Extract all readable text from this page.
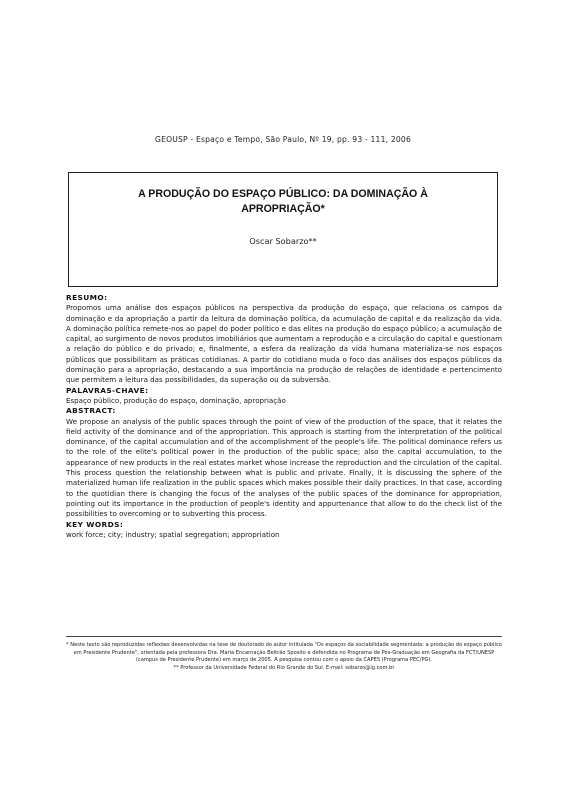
GEOUSP - Espaço e Tempo, São Paulo, Nº 19, pp. 93 - 111, 2006
A PRODUÇÃO DO ESPAÇO PÚBLICO: DA DOMINAÇÃO À
APROPRIAÇÃO*
Oscar Sobarzo**
RESUMO:
Propomos uma análise dos espaços públicos na perspectiva da produção do espaço, que relaciona os campos da dominação e da apropriação a partir da leitura da dominação política, da acumulação de capital e da realização da vida. A dominação política remete-nos ao papel do poder político e das elites na produção do espaço público; a acumulação de capital, ao surgimento de novos produtos imobiliários que aumentam a reprodução e a circulação do capital e questionam a relação do público e do privado; e, finalmente, a esfera da realização da vida humana materializa-se nos espaços públicos que possibilitam as práticas cotidianas. A partir do cotidiano muda o foco das análises dos espaços públicos da dominação para a apropriação, destacando a sua importância na produção de relações de identidade e pertencimento que permitem a leitura das possibilidades, da superação ou da subversão.
PALAVRAS-CHAVE:
Espaço público, produção do espaço, dominação, apropriação
ABSTRACT:
We propose an analysis of the public spaces through the point of view of the production of the space, that it relates the field activity of the dominance and of the appropriation. This approach is starting from the interpretation of the political dominance, of the capital accumulation and of the accomplishment of the people's life. The political dominance refers us to the role of the elite's political power in the production of the public space; also the capital accumulation, to the appearance of new products in the real estates market whose increase the reproduction and the circulation of the capital. This process question the relationship between what is public and private. Finally, it is discussing the sphere of the materialized human life realization in the public spaces which makes possible their daily practices. In that case, according to the quotidian there is changing the focus of the analyses of the public spaces of the dominance for appropriation, pointing out its importance in the production of people's identity and appurtenance that allow to do the check list of the possibilities to overcoming or to subverting this process.
KEY WORDS:
work force; city; industry; spatial segregation; appropriation
* Neste texto são reproduzidas reflexões desenvolvidas na tese de doutorado do autor intitulada "Os espaços da sociabilidade segmentada: a produção do espaço público em Presidente Prudente", orientada pela professora Dra. Maria Encarnação Beltrão Sposito e defendida no Programa de Pós-Graduação em Geografia da FCT/UNESP (campus de Presidente Prudente) em março de 2005. A pesquisa contou com o apoio da CAPES (Programa PEC/PG).
** Professor da Universidade Federal do Rio Grande do Sul. E-mail: sobarzo@ig.com.br
